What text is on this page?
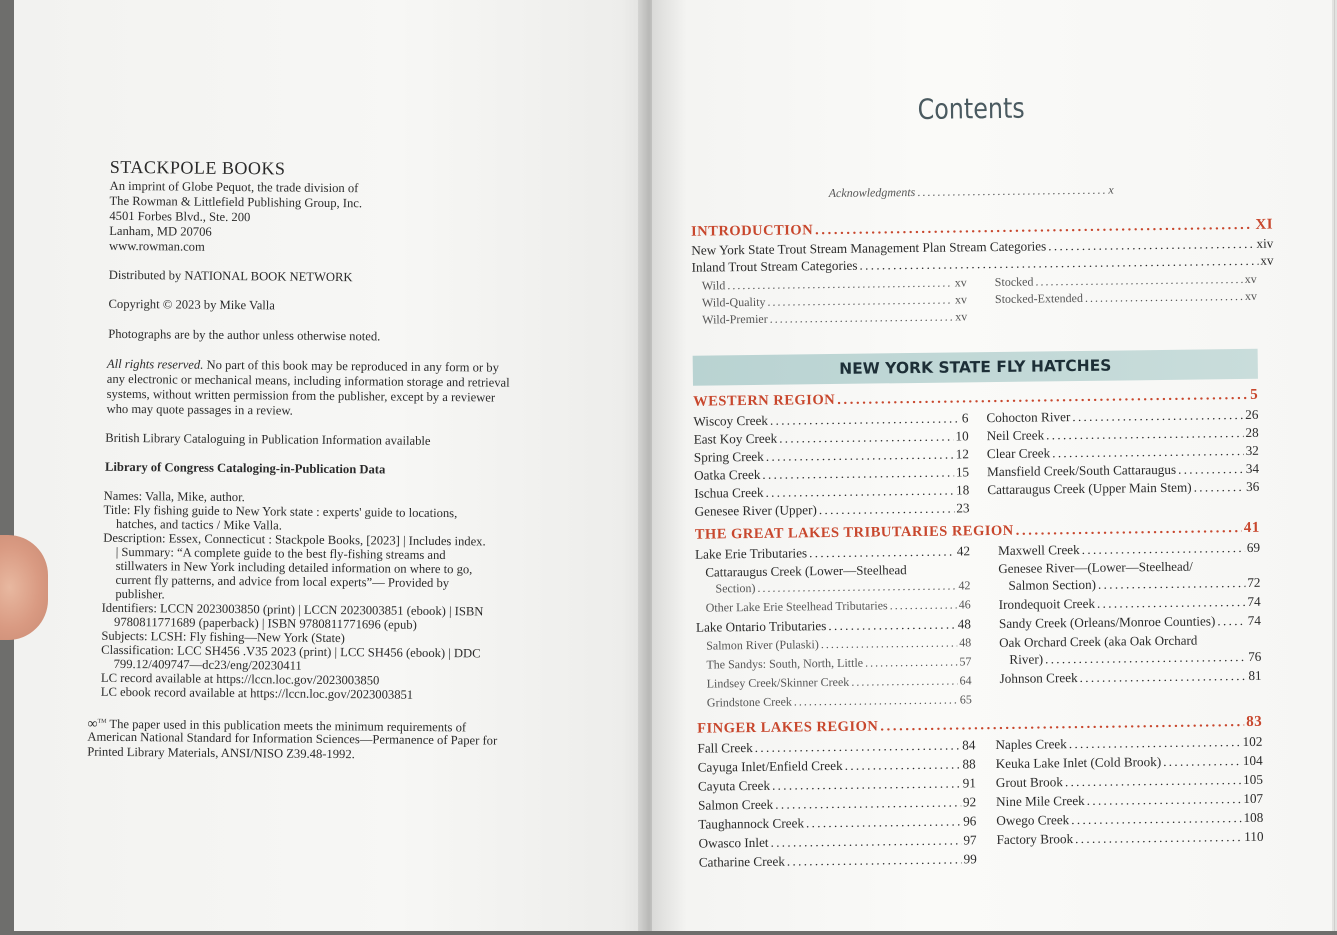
STACKPOLE BOOKS
An imprint of Globe Pequot, the trade division of
The Rowman & Littlefield Publishing Group, Inc.
4501 Forbes Blvd., Ste. 200
Lanham, MD 20706
www.rowman.com
Distributed by NATIONAL BOOK NETWORK
Copyright © 2023 by Mike Valla
Photographs are by the author unless otherwise noted.
All rights reserved. No part of this book may be reproduced in any form or by
any electronic or mechanical means, including information storage and retrieval
systems, without written permission from the publisher, except by a reviewer
who may quote passages in a review.
British Library Cataloguing in Publication Information available
Library of Congress Cataloging-in-Publication Data
Names: Valla, Mike, author.
Title: Fly fishing guide to New York state : experts' guide to locations,
hatches, and tactics / Mike Valla.
Description: Essex, Connecticut : Stackpole Books, [2023] | Includes index.
| Summary: “A complete guide to the best fly-fishing streams and
stillwaters in New York including detailed information on where to go,
current fly patterns, and advice from local experts”— Provided by
publisher.
Identifiers: LCCN 2023003850 (print) | LCCN 2023003851 (ebook) | ISBN
9780811771689 (paperback) | ISBN 9780811771696 (epub)
Subjects: LCSH: Fly fishing—New York (State)
Classification: LCC SH456 .V35 2023 (print) | LCC SH456 (ebook) | DDC
799.12/409747—dc23/eng/20230411
LC record available at https://lccn.loc.gov/2023003850
LC ebook record available at https://lccn.loc.gov/2023003851
∞™ The paper used in this publication meets the minimum requirements of
American National Standard for Information Sciences—Permanence of Paper for
Printed Library Materials, ANSI/NISO Z39.48-1992.
Contents
Acknowledgments . . .	x
INTRODUCTION . . .	XI
New York State Trout Stream Management Plan Stream Categories . . .	xiv
Inland Trout Stream Categories . . .	xv
Wild . . .	xv
Wild-Quality . . .	xv
Wild-Premier . . .	xv
Stocked . . .	xv
Stocked-Extended . . .	xv
NEW YORK STATE FLY HATCHES
WESTERN REGION . . .	5
Wiscoy Creek . . .	6
East Koy Creek . . .	10
Spring Creek . . .	12
Oatka Creek . . .	15
Ischua Creek . . .	18
Genesee River (Upper) . . .	23
Cohocton River . . .	26
Neil Creek . . .	28
Clear Creek . . .	32
Mansfield Creek/South Cattaraugus . . .	34
Cattaraugus Creek (Upper Main Stem) . . .	36
THE GREAT LAKES TRIBUTARIES REGION . . .	41
Lake Erie Tributaries . . .	42
Cattaraugus Creek (Lower—Steelhead
Section) . . .	42
Other Lake Erie Steelhead Tributaries . . .	46
Lake Ontario Tributaries . . .	48
Salmon River (Pulaski) . . .	48
The Sandys: South, North, Little . . .	57
Lindsey Creek/Skinner Creek . . .	64
Grindstone Creek . . .	65
Maxwell Creek . . .	69
Genesee River—(Lower—Steelhead/
Salmon Section) . . .	72
Irondequoit Creek . . .	74
Sandy Creek (Orleans/Monroe Counties) . . . 74
Oak Orchard Creek (aka Oak Orchard
River) . . .	76
Johnson Creek . . .	81
FINGER LAKES REGION . . .	83
Fall Creek . . .	84
Cayuga Inlet/Enfield Creek . . .	88
Cayuta Creek . . .	91
Salmon Creek . . .	92
Taughannock Creek . . .	96
Owasco Inlet . . .	97
Catharine Creek . . .	99
Naples Creek . . .	102
Keuka Lake Inlet (Cold Brook) . . .	104
Grout Brook . . .	105
Nine Mile Creek . . .	107
Owego Creek . . .	108
Factory Brook . . .	110
